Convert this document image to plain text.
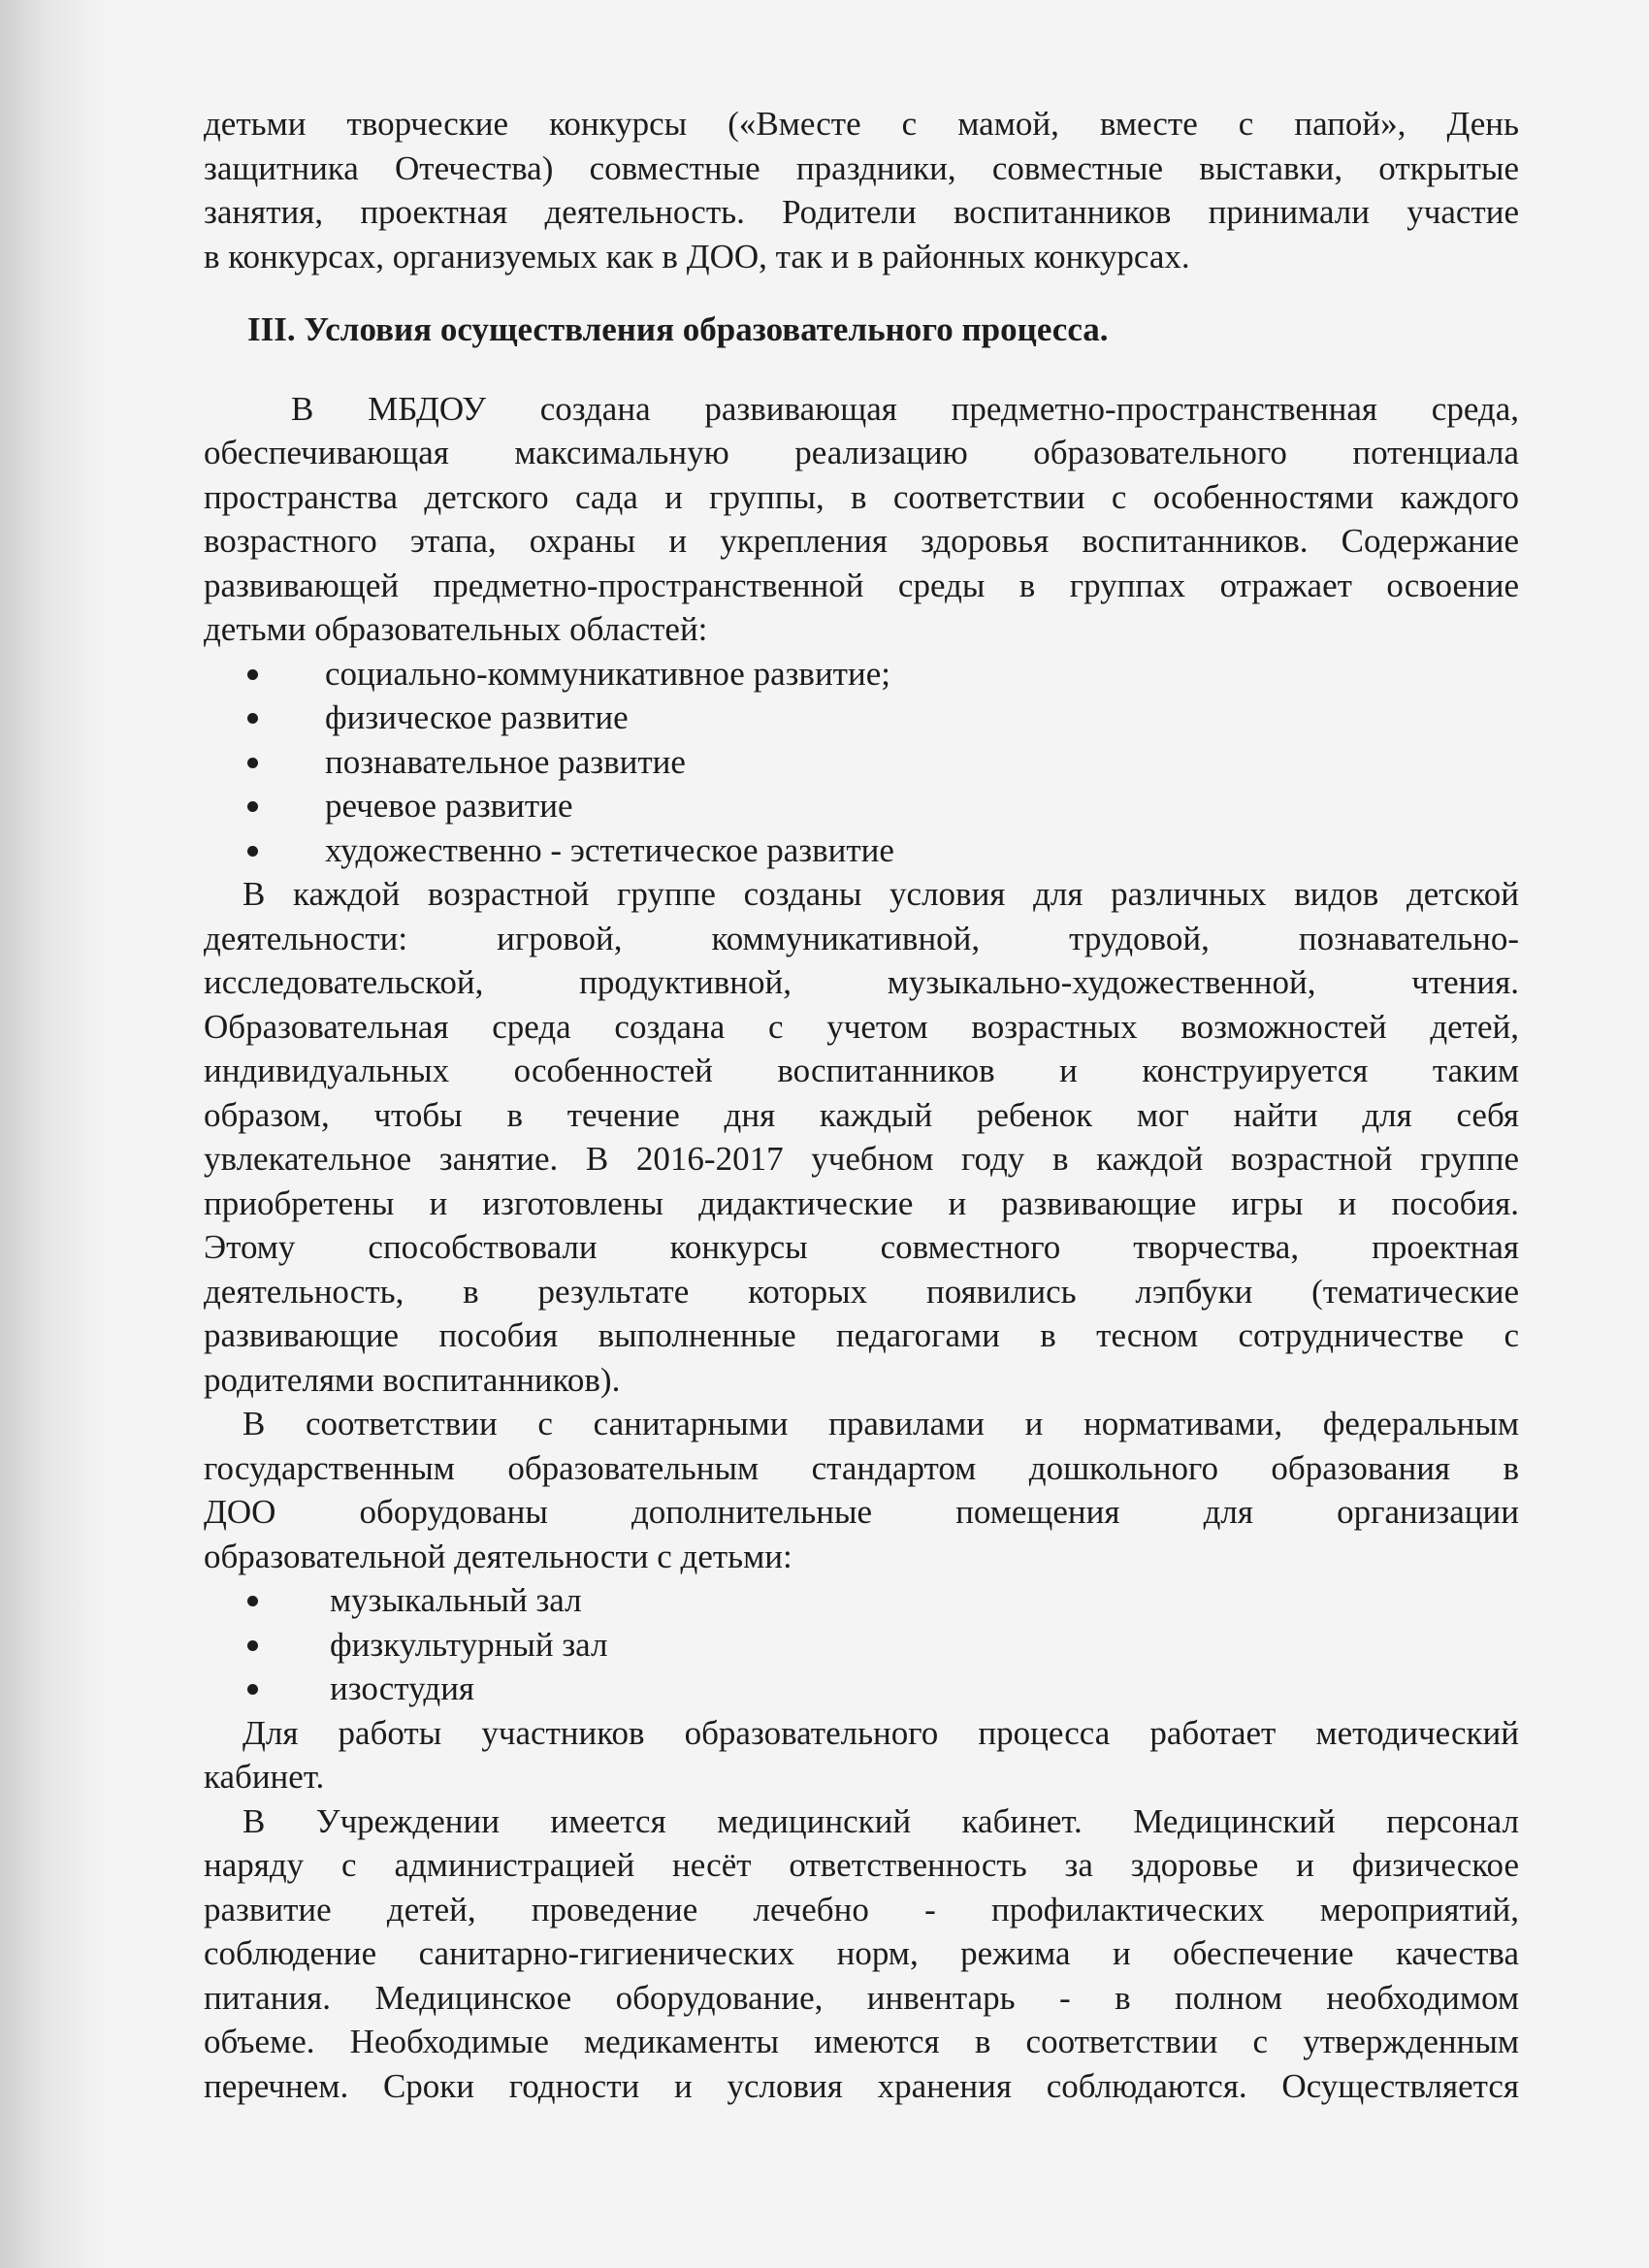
детьми творческие конкурсы («Вместе с мамой, вместе с папой», День
защитника Отечества) совместные праздники, совместные выставки, открытые
занятия, проектная деятельность. Родители воспитанников принимали участие
в конкурсах, организуемых как в ДОО, так и в районных конкурсах.
III. Условия осуществления образовательного процесса.
В МБДОУ создана развивающая предметно-пространственная среда,
обеспечивающая максимальную реализацию образовательного потенциала
пространства детского сада и группы, в соответствии с особенностями каждого
возрастного этапа, охраны и укрепления здоровья воспитанников. Содержание
развивающей предметно-пространственной среды в группах отражает освоение
детьми образовательных областей:
социально-коммуникативное развитие;
физическое развитие
познавательное развитие
речевое развитие
художественно - эстетическое развитие
В каждой возрастной группе созданы условия для различных видов детской
деятельности: игровой, коммуникативной, трудовой, познавательно-
исследовательской, продуктивной, музыкально-художественной, чтения.
Образовательная среда создана с учетом возрастных возможностей детей,
индивидуальных особенностей воспитанников и конструируется таким
образом, чтобы в течение дня каждый ребенок мог найти для себя
увлекательное занятие. В 2016-2017 учебном году в каждой возрастной группе
приобретены и изготовлены дидактические и развивающие игры и пособия.
Этому способствовали конкурсы совместного творчества, проектная
деятельность, в результате которых появились лэпбуки (тематические
развивающие пособия выполненные педагогами в тесном сотрудничестве с
родителями воспитанников).
В соответствии с санитарными правилами и нормативами, федеральным
государственным образовательным стандартом дошкольного образования в
ДОО оборудованы дополнительные помещения для организации
образовательной деятельности с детьми:
музыкальный зал
физкультурный зал
изостудия
Для работы участников образовательного процесса работает методический
кабинет.
В Учреждении имеется медицинский кабинет. Медицинский персонал
наряду с администрацией несёт ответственность за здоровье и физическое
развитие детей, проведение лечебно - профилактических мероприятий,
соблюдение санитарно-гигиенических норм, режима и обеспечение качества
питания. Медицинское оборудование, инвентарь - в полном необходимом
объеме. Необходимые медикаменты имеются в соответствии с утвержденным
перечнем. Сроки годности и условия хранения соблюдаются. Осуществляется
